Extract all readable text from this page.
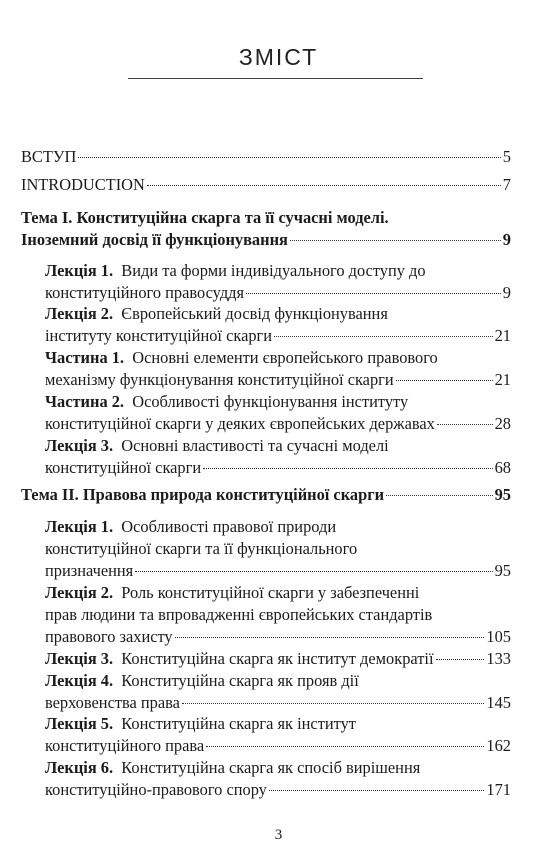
ЗМІСТ
ВСТУП	5
INTRODUCTION	7
Тема I. Конституційна скарга та її сучасні моделі.
Іноземний досвід її функціонування	9
Лекція 1. Види та форми індивідуального доступу до
конституційного правосуддя	9
Лекція 2. Європейський досвід функціонування
інституту конституційної скарги	21
Частина 1. Основні елементи європейського правового
механізму функціонування конституційної скарги	21
Частина 2. Особливості функціонування інституту
конституційної скарги у деяких європейських державах	28
Лекція 3. Основні властивості та сучасні моделі
конституційної скарги	68
Тема II. Правова природа конституційної скарги	95
Лекція 1. Особливості правової природи
конституційної скарги та її функціонального
призначення	95
Лекція 2. Роль конституційної скарги у забезпеченні
прав людини та впровадженні європейських стандартів
правового захисту	105
Лекція 3. Конституційна скарга як інститут демократії	133
Лекція 4. Конституційна скарга як прояв дії
верховенства права	145
Лекція 5. Конституційна скарга як інститут
конституційного права	162
Лекція 6. Конституційна скарга як спосіб вирішення
конституційно-правового спору	171
3
